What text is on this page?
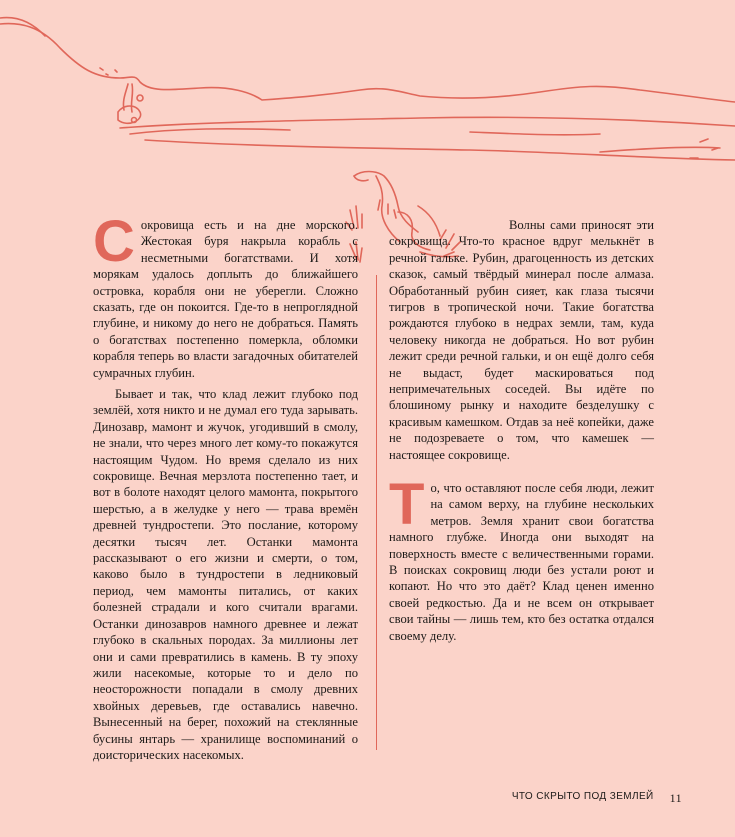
Сокровища есть и на дне морского. Жестокая буря накрыла корабль с несметными богатствами. И хотя морякам удалось доплыть до ближайшего островка, корабля они не уберегли. Сложно сказать, где он покоится. Где-то в непроглядной глубине, и никому до него не добраться. Память о богатствах постепенно померкла, обломки корабля теперь во власти загадочных обитателей сумрачных глубин.

Бывает и так, что клад лежит глубоко под землёй, хотя никто и не думал его туда зарывать. Динозавр, мамонт и жучок, угодивший в смолу, не знали, что через много лет кому-то покажутся настоящим Чудом. Но время сделало из них сокровище. Вечная мерзлота постепенно тает, и вот в болоте находят целого мамонта, покрытого шерстью, а в желудке у него — трава времён древней тундростепи. Это послание, которому десятки тысяч лет. Останки мамонта рассказывают о его жизни и смерти, о том, каково было в тундростепи в ледниковый период, чем мамонты питались, от каких болезней страдали и кого считали врагами. Останки динозавров намного древнее и лежат глубоко в скальных породах. За миллионы лет они и сами превратились в камень. В ту эпоху жили насекомые, которые то и дело по неосторожности попадали в смолу древних хвойных деревьев, где оставались навечно. Вынесенный на берег, похожий на стеклянные бусины янтарь — хранилище воспоминаний о доисторических насекомых.

Волны сами приносят эти сокровища. Что-то красное вдруг мелькнёт в речной гальке. Рубин, драгоценность из детских сказок, самый твёрдый минерал после алмаза. Обработанный рубин сияет, как глаза тысячи тигров в тропической ночи. Такие богатства рождаются глубоко в недрах земли, там, куда человеку никогда не добраться. Но вот рубин лежит среди речной гальки, и он ещё долго себя не выдаст, будет маскироваться под непримечательных соседей. Вы идёте по блошиному рынку и находите безделушку с красивым камешком. Отдав за неё копейки, даже не подозреваете о том, что камешек — настоящее сокровище.

То, что оставляют после себя люди, лежит на самом верху, на глубине нескольких метров. Земля хранит свои богатства намного глубже. Иногда они выходят на поверхность вместе с величественными горами. В поисках сокровищ люди без устали роют и копают. Но что это даёт? Клад ценен именно своей редкостью. Да и не всем он открывает свои тайны — лишь тем, кто без остатка отдался своему делу.

ЧТО СКРЫТО ПОД ЗЕМЛЕЙ 11
